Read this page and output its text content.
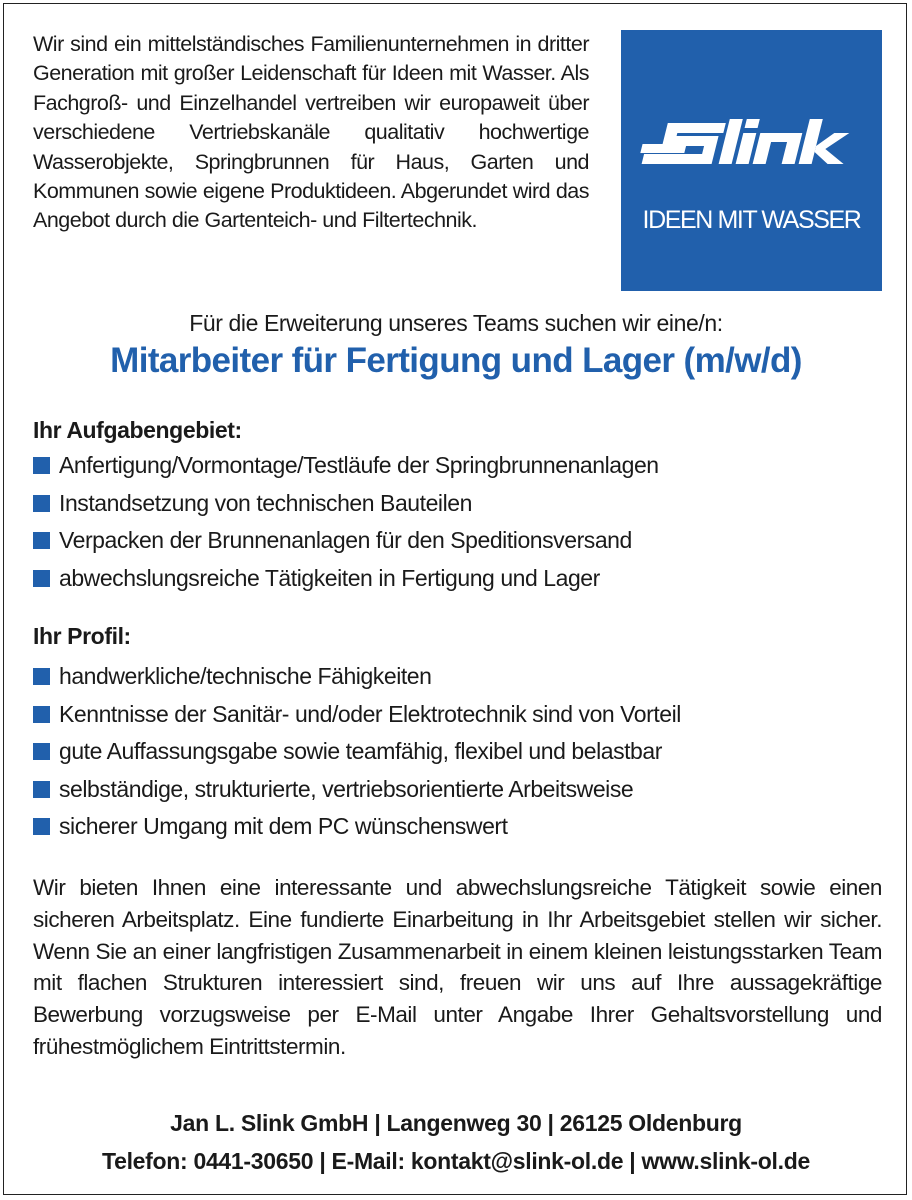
Wir sind ein mittelständisches Familienunternehmen in dritter Generation mit großer Leidenschaft für Ideen mit Wasser. Als Fachgroß- und Einzelhandel vertreiben wir europaweit über verschiedene Vertriebskanäle qualitativ hochwertige Wasserobjekte, Springbrunnen für Haus, Garten und Kommunen sowie eigene Produktideen. Abgerundet wird das Angebot durch die Gartenteich- und Filtertechnik.	IDEEN MIT WASSER
Für die Erweiterung unseres Teams suchen wir eine/n:
Mitarbeiter für Fertigung und Lager (m/w/d)
Ihr Aufgabengebiet:
Anfertigung/Vormontage/Testläufe der Springbrunnenanlagen
Instandsetzung von technischen Bauteilen
Verpacken der Brunnenanlagen für den Speditionsversand
abwechslungsreiche Tätigkeiten in Fertigung und Lager
Ihr Profil:
handwerkliche/technische Fähigkeiten
Kenntnisse der Sanitär- und/oder Elektrotechnik sind von Vorteil
gute Auffassungsgabe sowie teamfähig, flexibel und belastbar
selbständige, strukturierte, vertriebsorientierte Arbeitsweise
sicherer Umgang mit dem PC wünschenswert
Wir bieten Ihnen eine interessante und abwechslungsreiche Tätigkeit sowie einen sicheren Arbeitsplatz. Eine fundierte Einarbeitung in Ihr Arbeitsgebiet stellen wir sicher. Wenn Sie an einer langfristigen Zusammenarbeit in einem kleinen leistungsstarken Team mit flachen Strukturen interessiert sind, freuen wir uns auf Ihre aussagekräftige Bewerbung vorzugsweise per E-Mail unter Angabe Ihrer Gehaltsvorstellung und frühestmöglichem Eintrittstermin.
Jan L. Slink GmbH | Langenweg 30 | 26125 Oldenburg
Telefon: 0441-30650 | E-Mail: kontakt@slink-ol.de | www.slink-ol.de
